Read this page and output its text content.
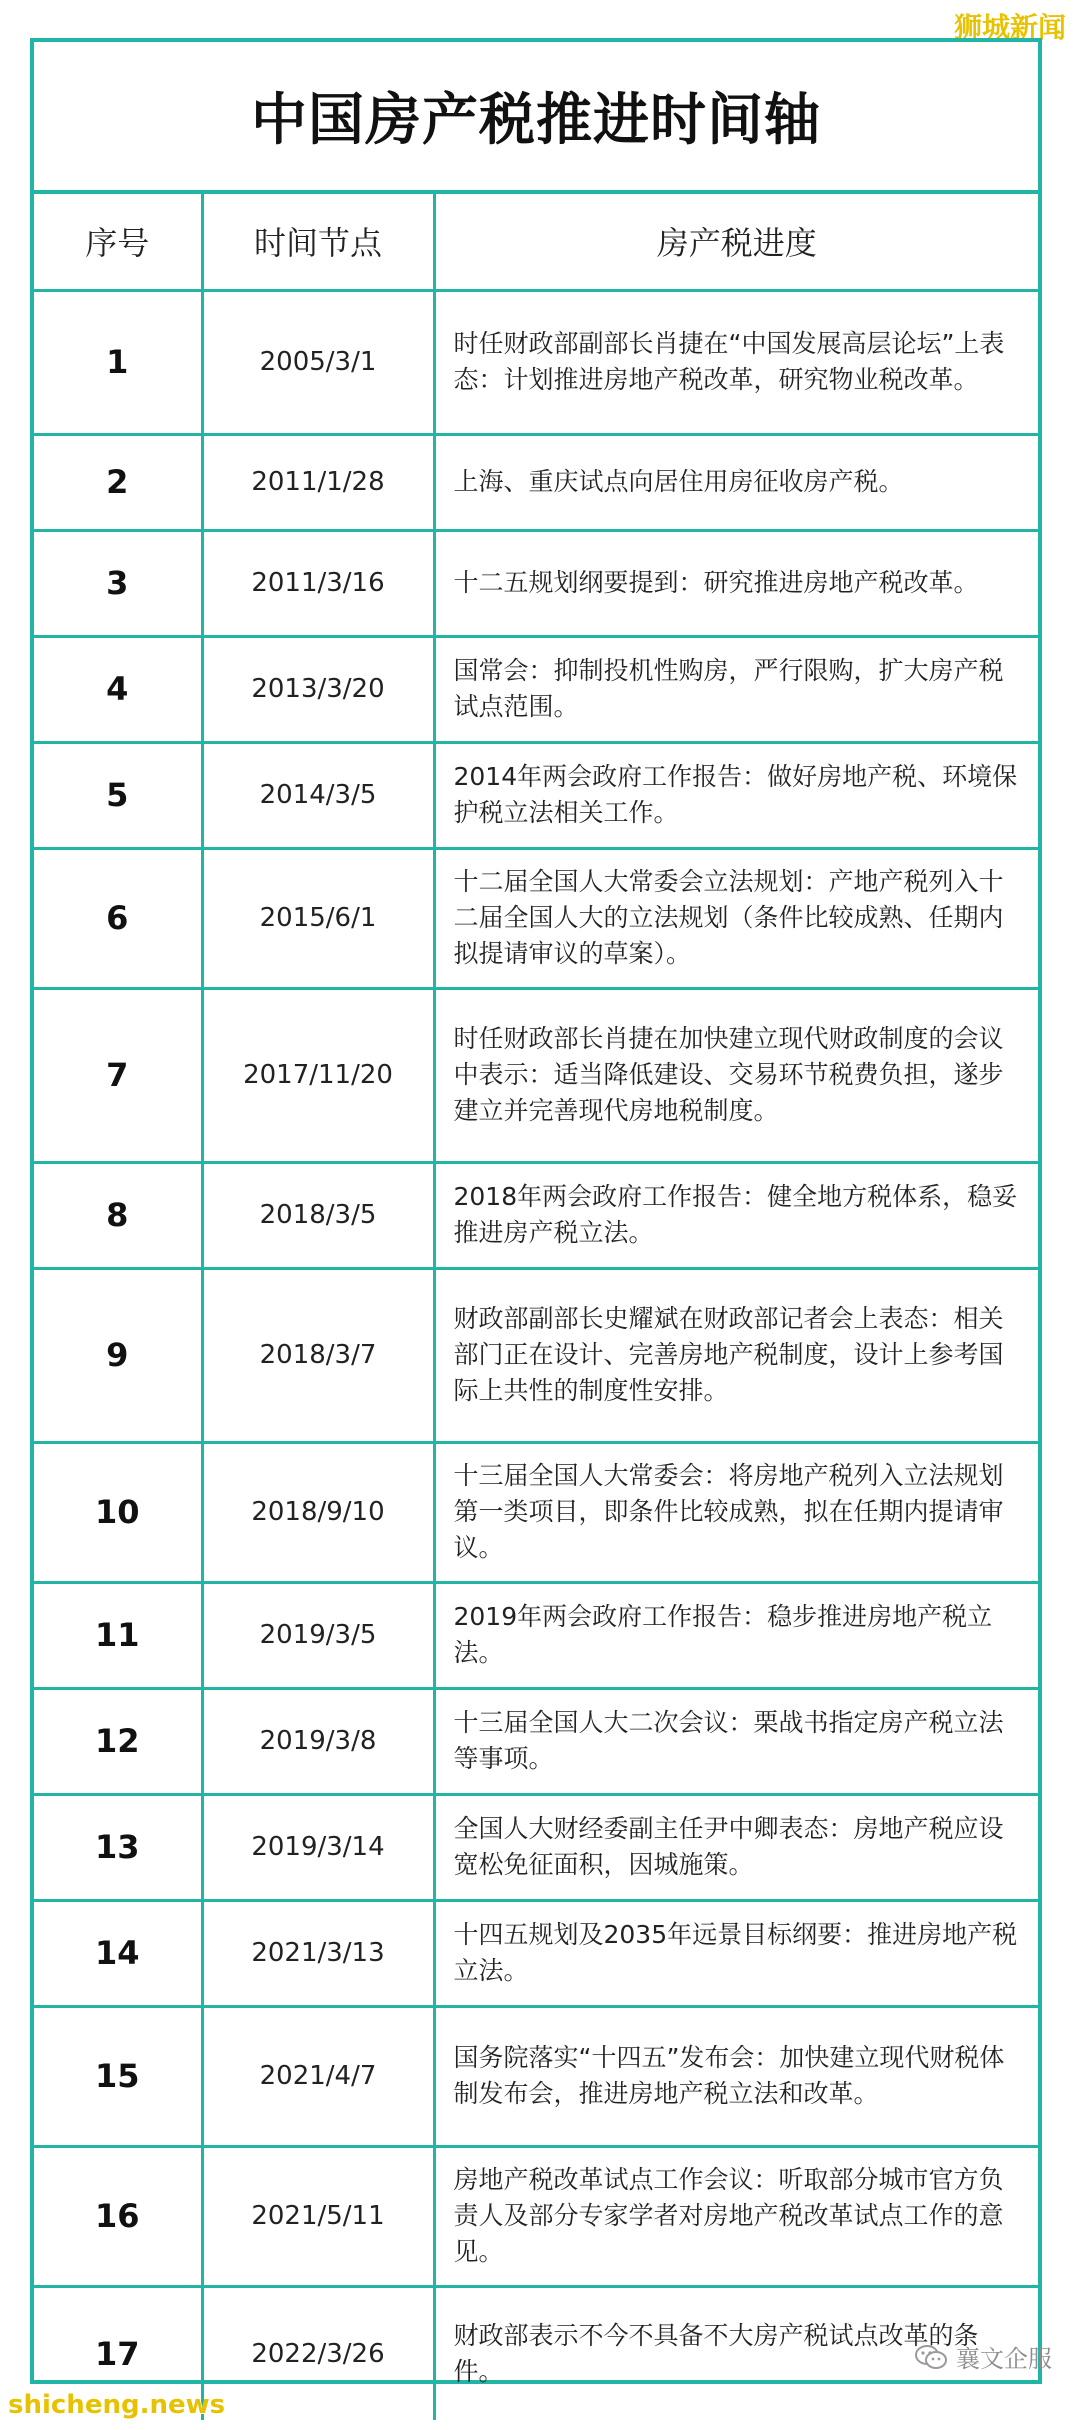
狮城新闻
中国房产税推进时间轴
序号	时间节点	房产税进度
1	2005/3/1	时任财政部副部长肖捷在“中国发展高层论坛”上表态：计划推进房地产税改革，研究物业税改革。
2	2011/1/28	上海、重庆试点向居住用房征收房产税。
3	2011/3/16	十二五规划纲要提到：研究推进房地产税改革。
4	2013/3/20	国常会：抑制投机性购房，严行限购，扩大房产税试点范围。
5	2014/3/5	2014年两会政府工作报告：做好房地产税、环境保护税立法相关工作。
6	2015/6/1	十二届全国人大常委会立法规划：产地产税列入十二届全国人大的立法规划（条件比较成熟、任期内拟提请审议的草案）。
7	2017/11/20	时任财政部长肖捷在加快建立现代财政制度的会议中表示：适当降低建设、交易环节税费负担，遂步建立并完善现代房地税制度。
8	2018/3/5	2018年两会政府工作报告：健全地方税体系，稳妥推进房产税立法。
9	2018/3/7	财政部副部长史耀斌在财政部记者会上表态：相关部门正在设计、完善房地产税制度，设计上参考国际上共性的制度性安排。
10	2018/9/10	十三届全国人大常委会：将房地产税列入立法规划第一类项目，即条件比较成熟，拟在任期内提请审议。
11	2019/3/5	2019年两会政府工作报告：稳步推进房地产税立法。
12	2019/3/8	十三届全国人大二次会议：栗战书指定房产税立法等事项。
13	2019/3/14	全国人大财经委副主任尹中卿表态：房地产税应设宽松免征面积，因城施策。
14	2021/3/13	十四五规划及2035年远景目标纲要：推进房地产税立法。
15	2021/4/7	国务院落实“十四五”发布会：加快建立现代财税体制发布会，推进房地产税立法和改革。
16	2021/5/11	房地产税改革试点工作会议：听取部分城市官方负责人及部分专家学者对房地产税改革试点工作的意见。
17	2022/3/26	财政部表示不今不具备不大房产税试点改革的条件。	襄文企服
shicheng.news
